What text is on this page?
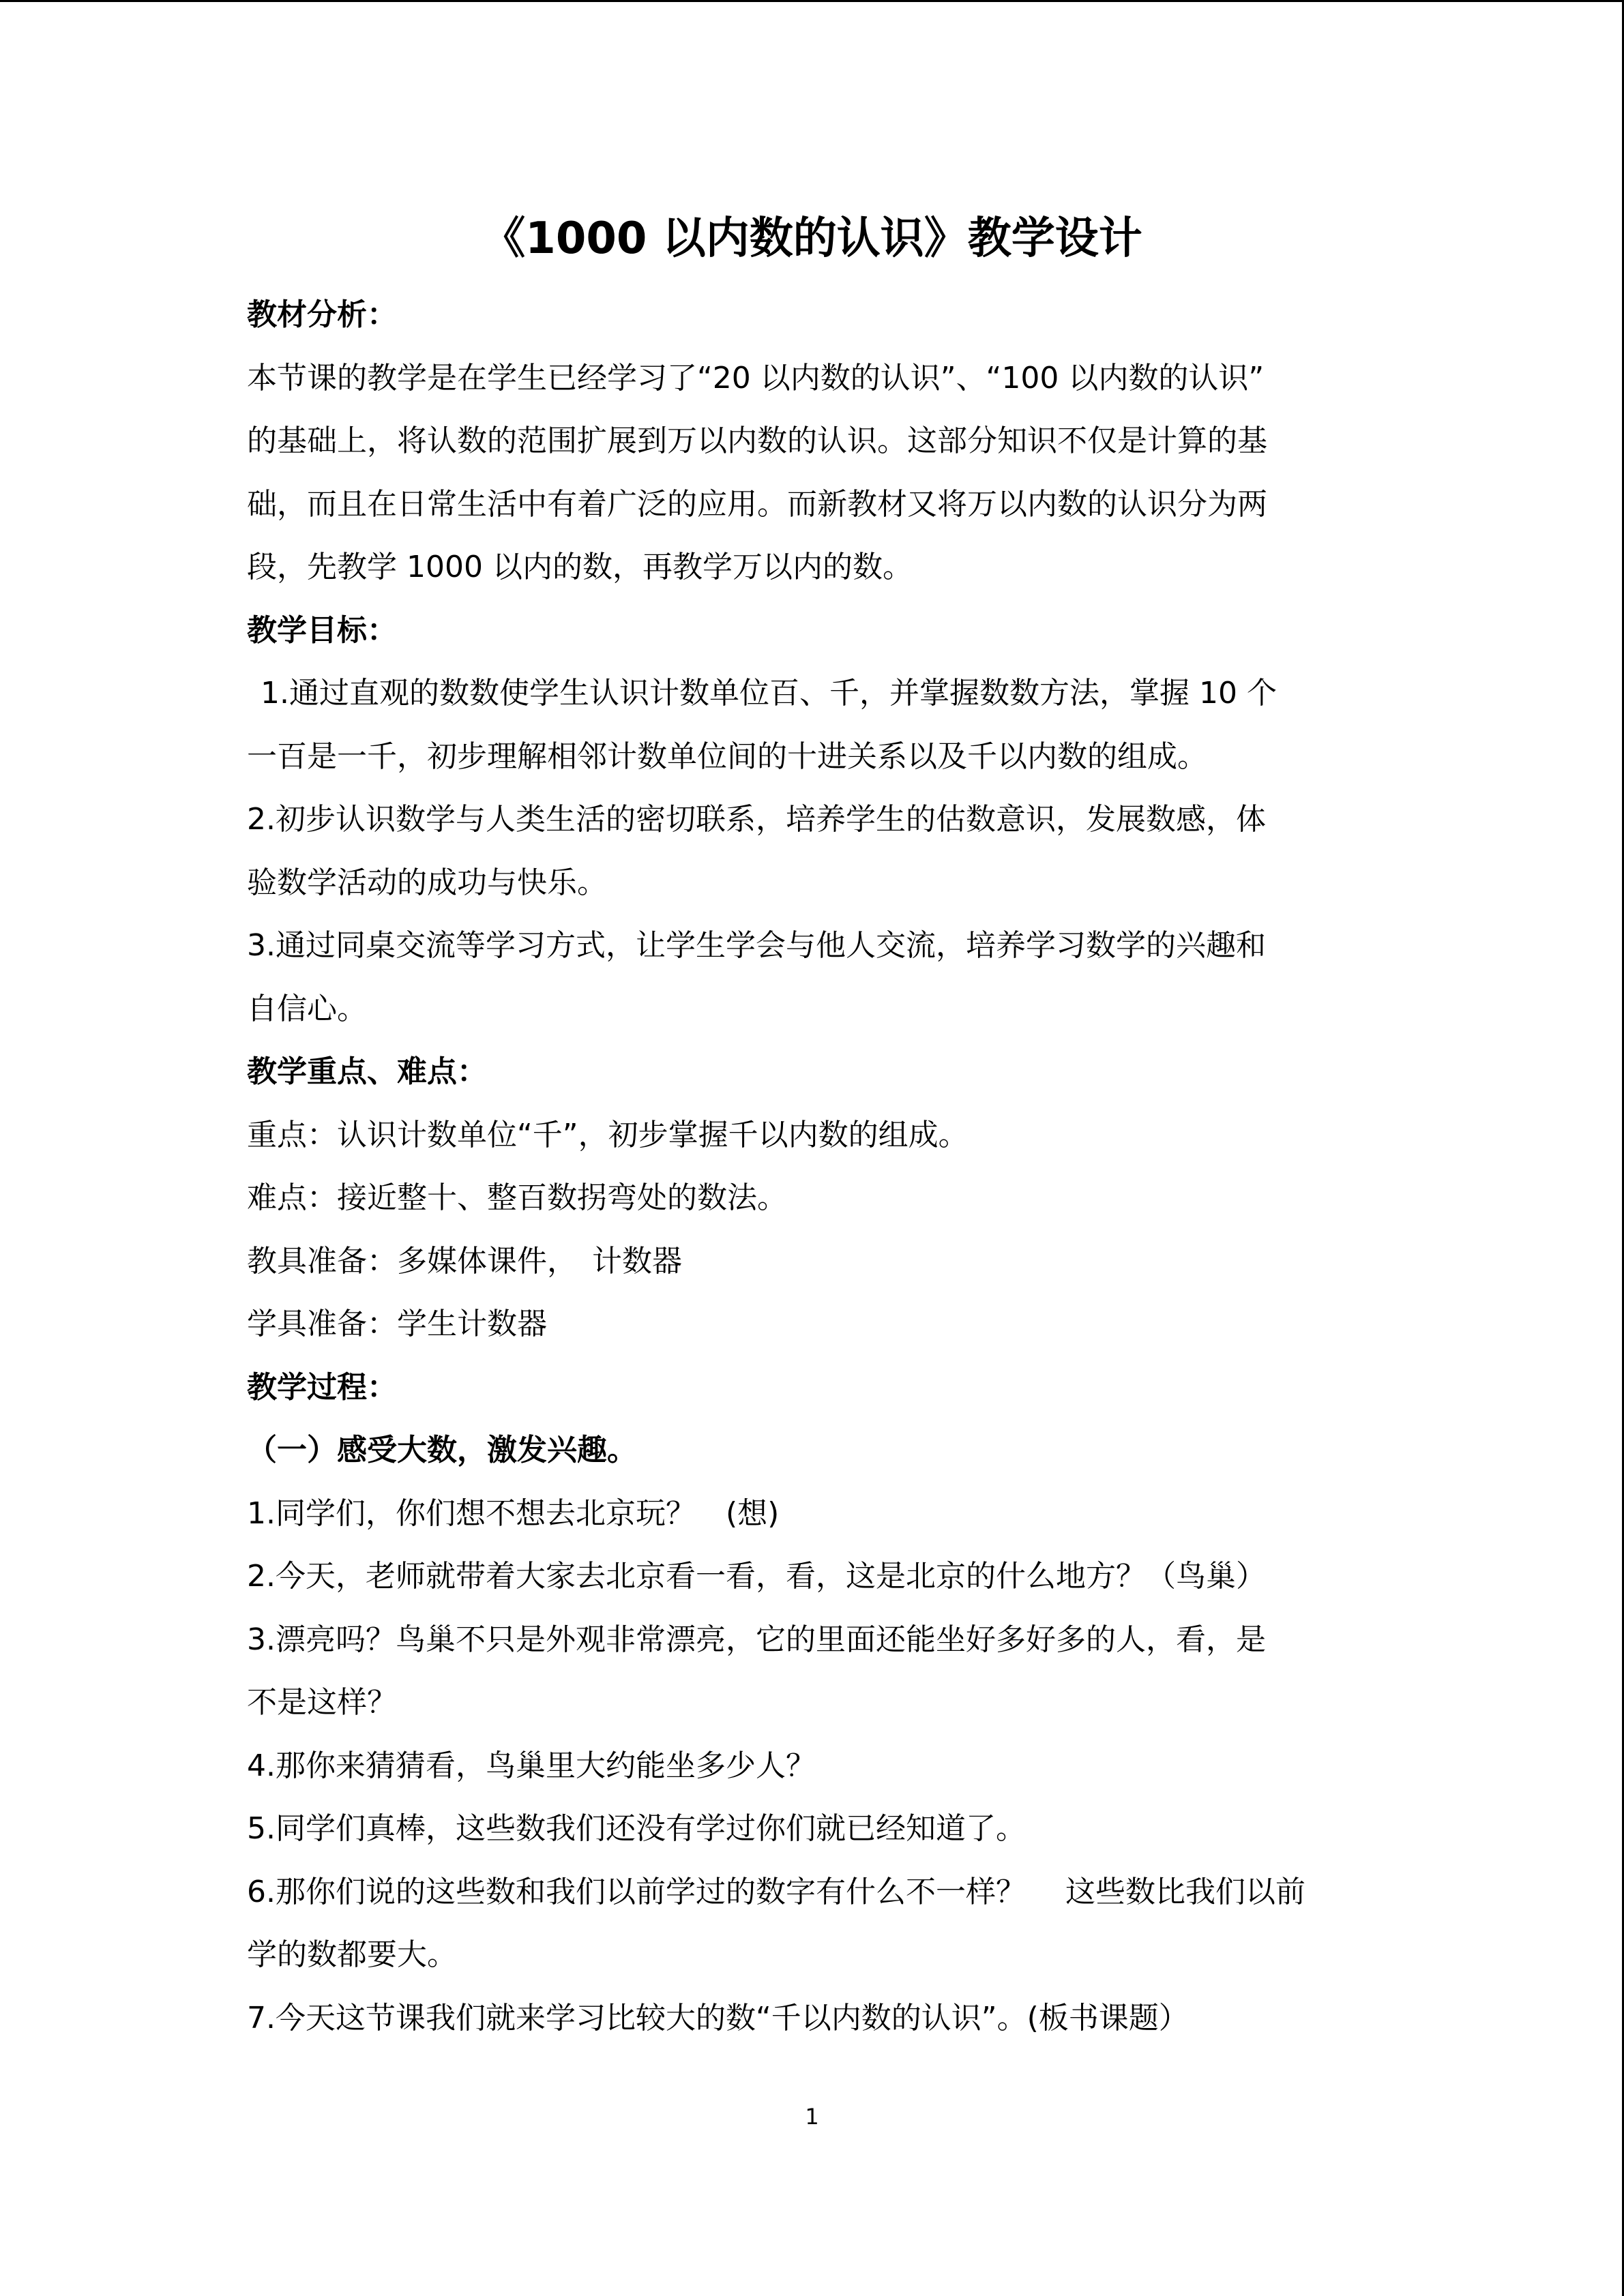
《1000 以内数的认识》教学设计
教材分析：
本节课的教学是在学生已经学习了“20 以内数的认识”、“100 以内数的认识”
的基础上，将认数的范围扩展到万以内数的认识。这部分知识不仅是计算的基
础，而且在日常生活中有着广泛的应用。而新教材又将万以内数的认识分为两
段，先教学 1000 以内的数，再教学万以内的数。
教学目标：
1.通过直观的数数使学生认识计数单位百、千，并掌握数数方法，掌握 10 个
一百是一千，初步理解相邻计数单位间的十进关系以及千以内数的组成。
2.初步认识数学与人类生活的密切联系，培养学生的估数意识，发展数感，体
验数学活动的成功与快乐。
3.通过同桌交流等学习方式，让学生学会与他人交流，培养学习数学的兴趣和
自信心。
教学重点、难点：
重点：认识计数单位“千”，初步掌握千以内数的组成。
难点：接近整十、整百数拐弯处的数法。
教具准备：多媒体课件，　计数器
学具准备：学生计数器
教学过程：
（一）感受大数，激发兴趣。
1.同学们，你们想不想去北京玩？　(想)
2.今天，老师就带着大家去北京看一看，看，这是北京的什么地方？（鸟巢）
3.漂亮吗？鸟巢不只是外观非常漂亮，它的里面还能坐好多好多的人，看，是
不是这样？
4.那你来猜猜看，鸟巢里大约能坐多少人？
5.同学们真棒，这些数我们还没有学过你们就已经知道了。
6.那你们说的这些数和我们以前学过的数字有什么不一样？　 这些数比我们以前
学的数都要大。
7.今天这节课我们就来学习比较大的数“千以内数的认识”。(板书课题）
1
